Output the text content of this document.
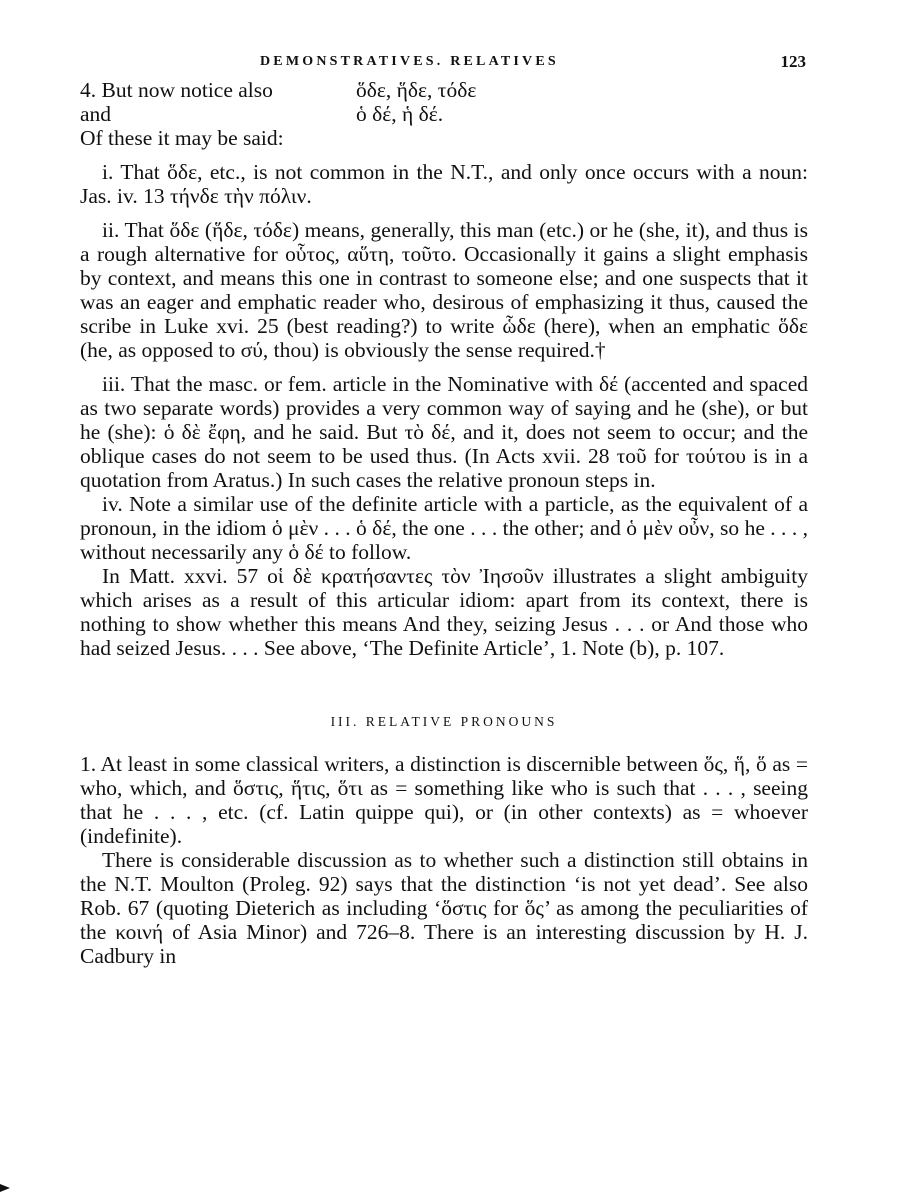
DEMONSTRATIVES. RELATIVES	123
4. But now notice also	ὅδε, ἥδε, τόδε
and	ὁ δέ, ἡ δέ.
Of these it may be said:

i. That ὅδε, etc., is not common in the N.T., and only once occurs with a noun: Jas. iv. 13 τήνδε τὴν πόλιν.

ii. That ὅδε (ἥδε, τόδε) means, generally, this man (etc.) or he (she, it), and thus is a rough alternative for οὗτος, αὕτη, τοῦτο. Occasionally it gains a slight emphasis by context, and means this one in contrast to someone else; and one suspects that it was an eager and emphatic reader who, desirous of emphasizing it thus, caused the scribe in Luke xvi. 25 (best reading?) to write ὧδε (here), when an emphatic ὅδε (he, as opposed to σύ, thou) is obviously the sense required.†

iii. That the masc. or fem. article in the Nominative with δέ (accented and spaced as two separate words) provides a very common way of saying and he (she), or but he (she): ὁ δὲ ἔφη, and he said. But τὸ δέ, and it, does not seem to occur; and the oblique cases do not seem to be used thus. (In Acts xvii. 28 τοῦ for τούτου is in a quotation from Aratus.) In such cases the relative pronoun steps in.

iv. Note a similar use of the definite article with a particle, as the equivalent of a pronoun, in the idiom ὁ μὲν . . . ὁ δέ, the one . . . the other; and ὁ μὲν οὖν, so he . . . , without necessarily any ὁ δέ to follow.

In Matt. xxvi. 57 οἱ δὲ κρατήσαντες τὸν Ἰησοῦν illustrates a slight ambiguity which arises as a result of this articular idiom: apart from its context, there is nothing to show whether this means And they, seizing Jesus . . . or And those who had seized Jesus. . . . See above, ‘The Definite Article’, 1. Note (b), p. 107.

III. RELATIVE PRONOUNS

1. At least in some classical writers, a distinction is discernible between ὅς, ἥ, ὅ as = who, which, and ὅστις, ἥτις, ὅτι as = something like who is such that . . . , seeing that he . . . , etc. (cf. Latin quippe qui), or (in other contexts) as = whoever (indefinite).

There is considerable discussion as to whether such a distinction still obtains in the N.T. Moulton (Proleg. 92) says that the distinction ‘is not yet dead’. See also Rob. 67 (quoting Dieterich as including ‘ὅστις for ὅς’ as among the peculiarities of the κοινή of Asia Minor) and 726–8. There is an interesting discussion by H. J. Cadbury in
